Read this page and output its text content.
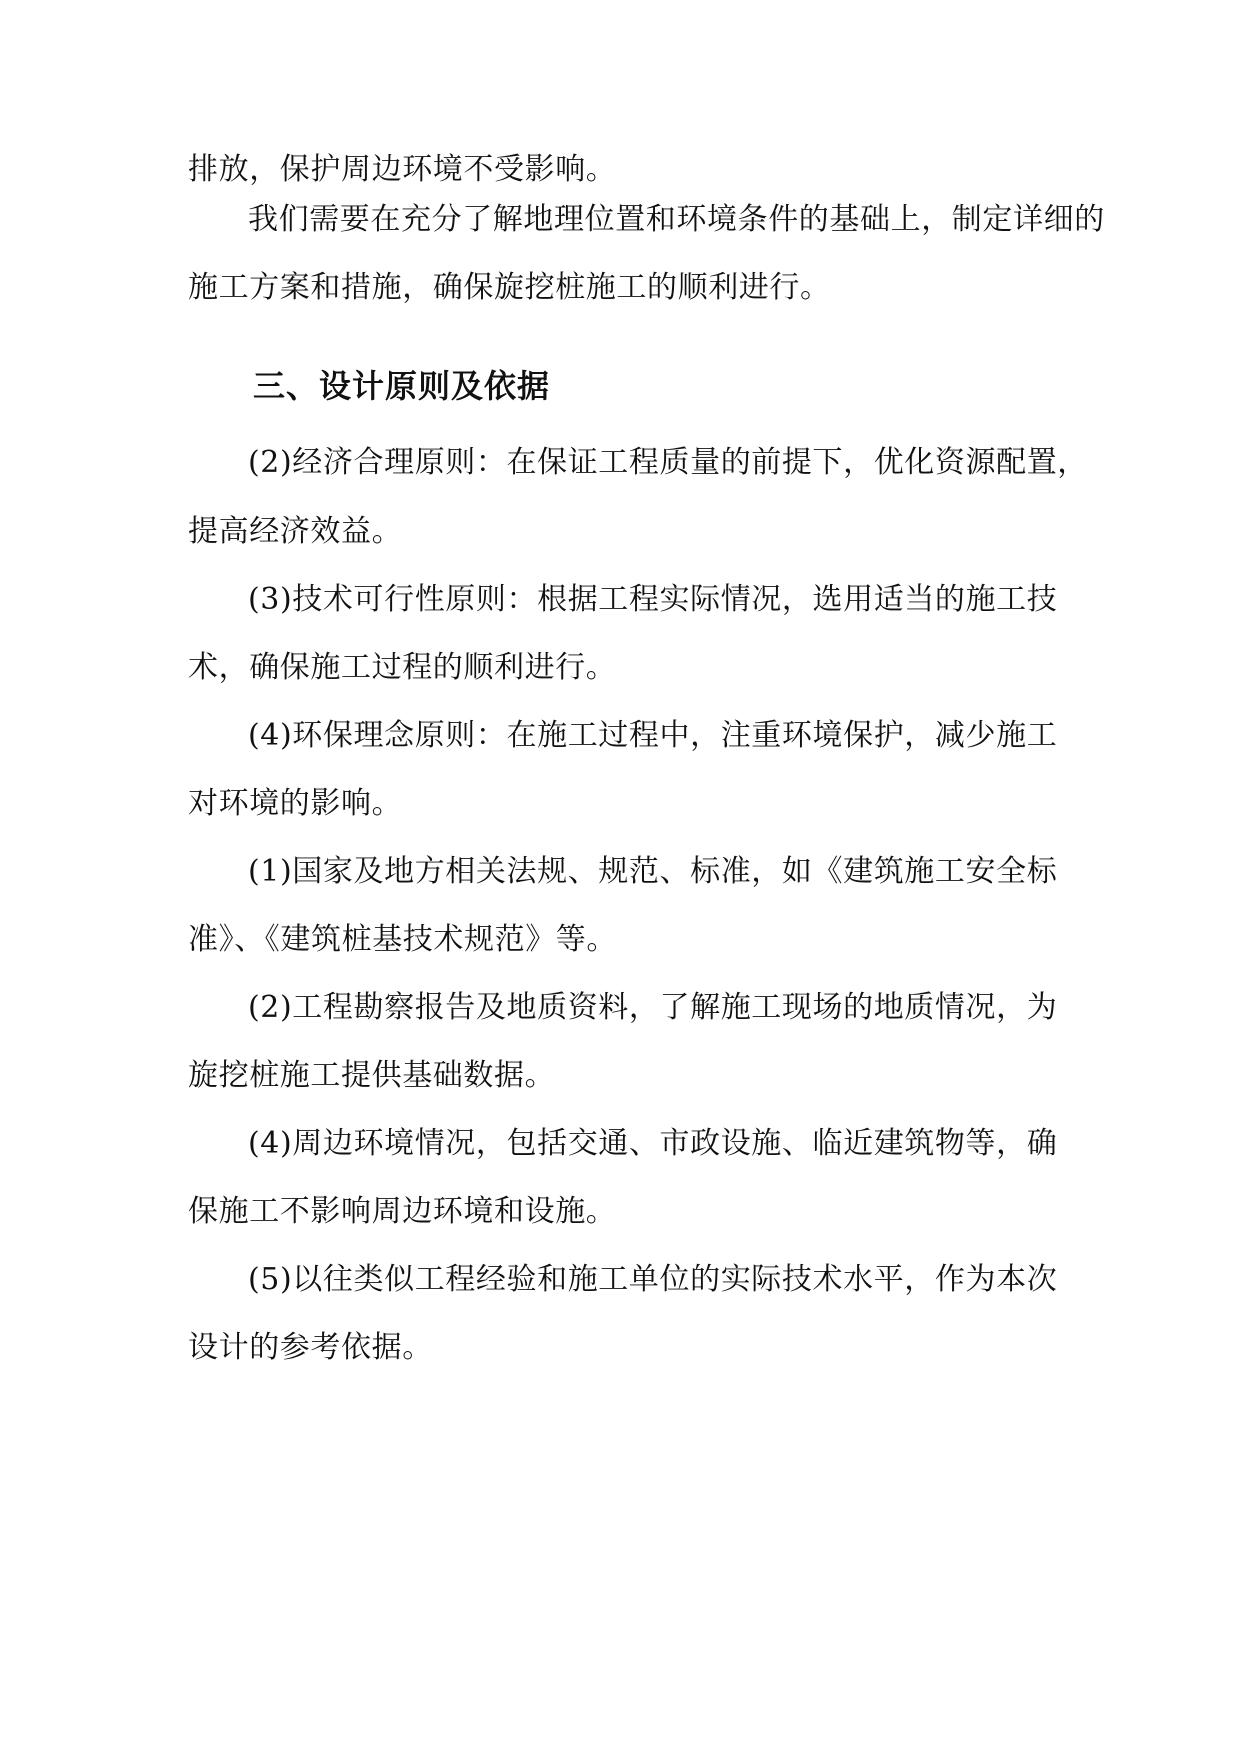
排放，保护周边环境不受影响。
我们需要在充分了解地理位置和环境条件的基础上，制定详细的
施工方案和措施，确保旋挖桩施工的顺利进行。
三、设计原则及依据
(2)经济合理原则：在保证工程质量的前提下，优化资源配置，
提高经济效益。
(3)技术可行性原则：根据工程实际情况，选用适当的施工技
术，确保施工过程的顺利进行。
(4)环保理念原则：在施工过程中，注重环境保护，减少施工
对环境的影响。
(1)国家及地方相关法规、规范、标准，如《建筑施工安全标
准》、《建筑桩基技术规范》等。
(2)工程勘察报告及地质资料，了解施工现场的地质情况，为
旋挖桩施工提供基础数据。
(4)周边环境情况，包括交通、市政设施、临近建筑物等，确
保施工不影响周边环境和设施。
(5)以往类似工程经验和施工单位的实际技术水平，作为本次
设计的参考依据。
